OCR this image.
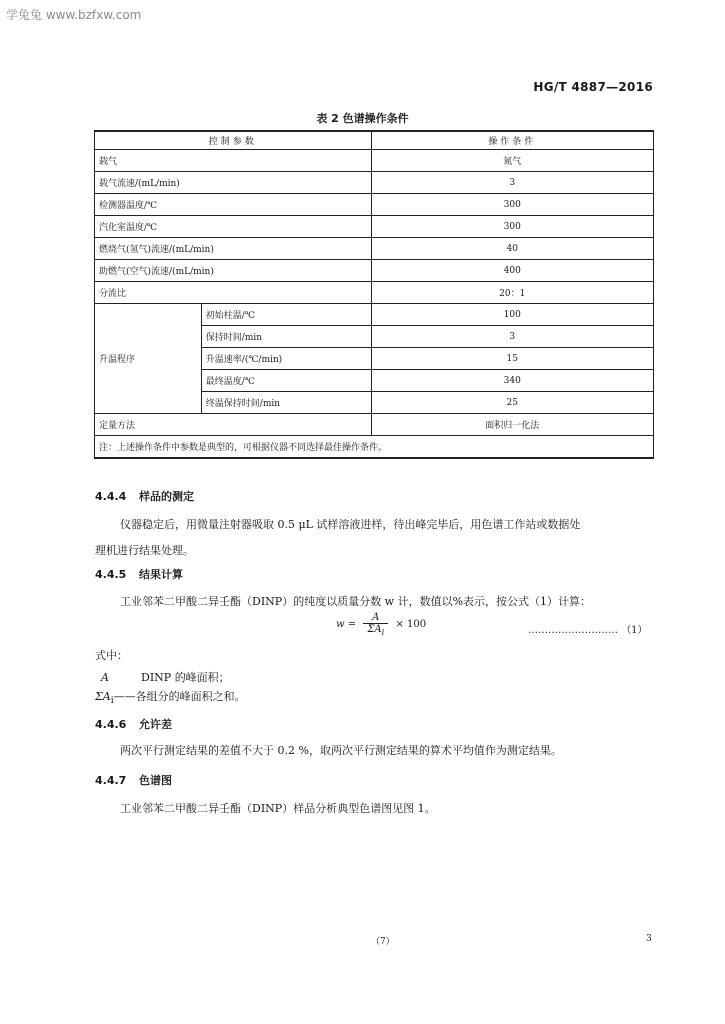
学兔兔 www.bzfxw.com
HG/T 4887—2016
表 2 色谱操作条件
控制参数		操作条件
载气		氮气
载气流速/(mL/min)		3
检测器温度/℃		300
汽化室温度/℃		300
燃烧气(氢气)流速/(mL/min)		40
助燃气(空气)流速/(mL/min)		400
分流比		20：1
升温程序	初始柱温/℃	100
	保持时间/min	3
	升温速率/(℃/min)	15
	最终温度/℃	340
	终温保持时间/min	25
定量方法		面积归一化法
注：上述操作条件中参数是典型的，可根据仪器不同选择最佳操作条件。		
4.4.4 样品的测定
仪器稳定后，用微量注射器吸取 0.5 μL 试样溶液进样，待出峰完毕后，用色谱工作站或数据处
理机进行结果处理。
4.4.5 结果计算
工业邻苯二甲酸二异壬酯（DINP）的纯度以质量分数 w 计，数值以%表示，按公式（1）计算：
$w = \frac{A}{\Sigma A_i} \times 100$
……………………… （1）
式中：
A	DINP 的峰面积；
$\Sigma A_i——$各组分的峰面积之和。
4.4.6 允许差
两次平行测定结果的差值不大于 0.2 %，取两次平行测定结果的算术平均值作为测定结果。
4.4.7 色谱图
工业邻苯二甲酸二异壬酯（DINP）样品分析典型色谱图见图 1。
（7）	3
